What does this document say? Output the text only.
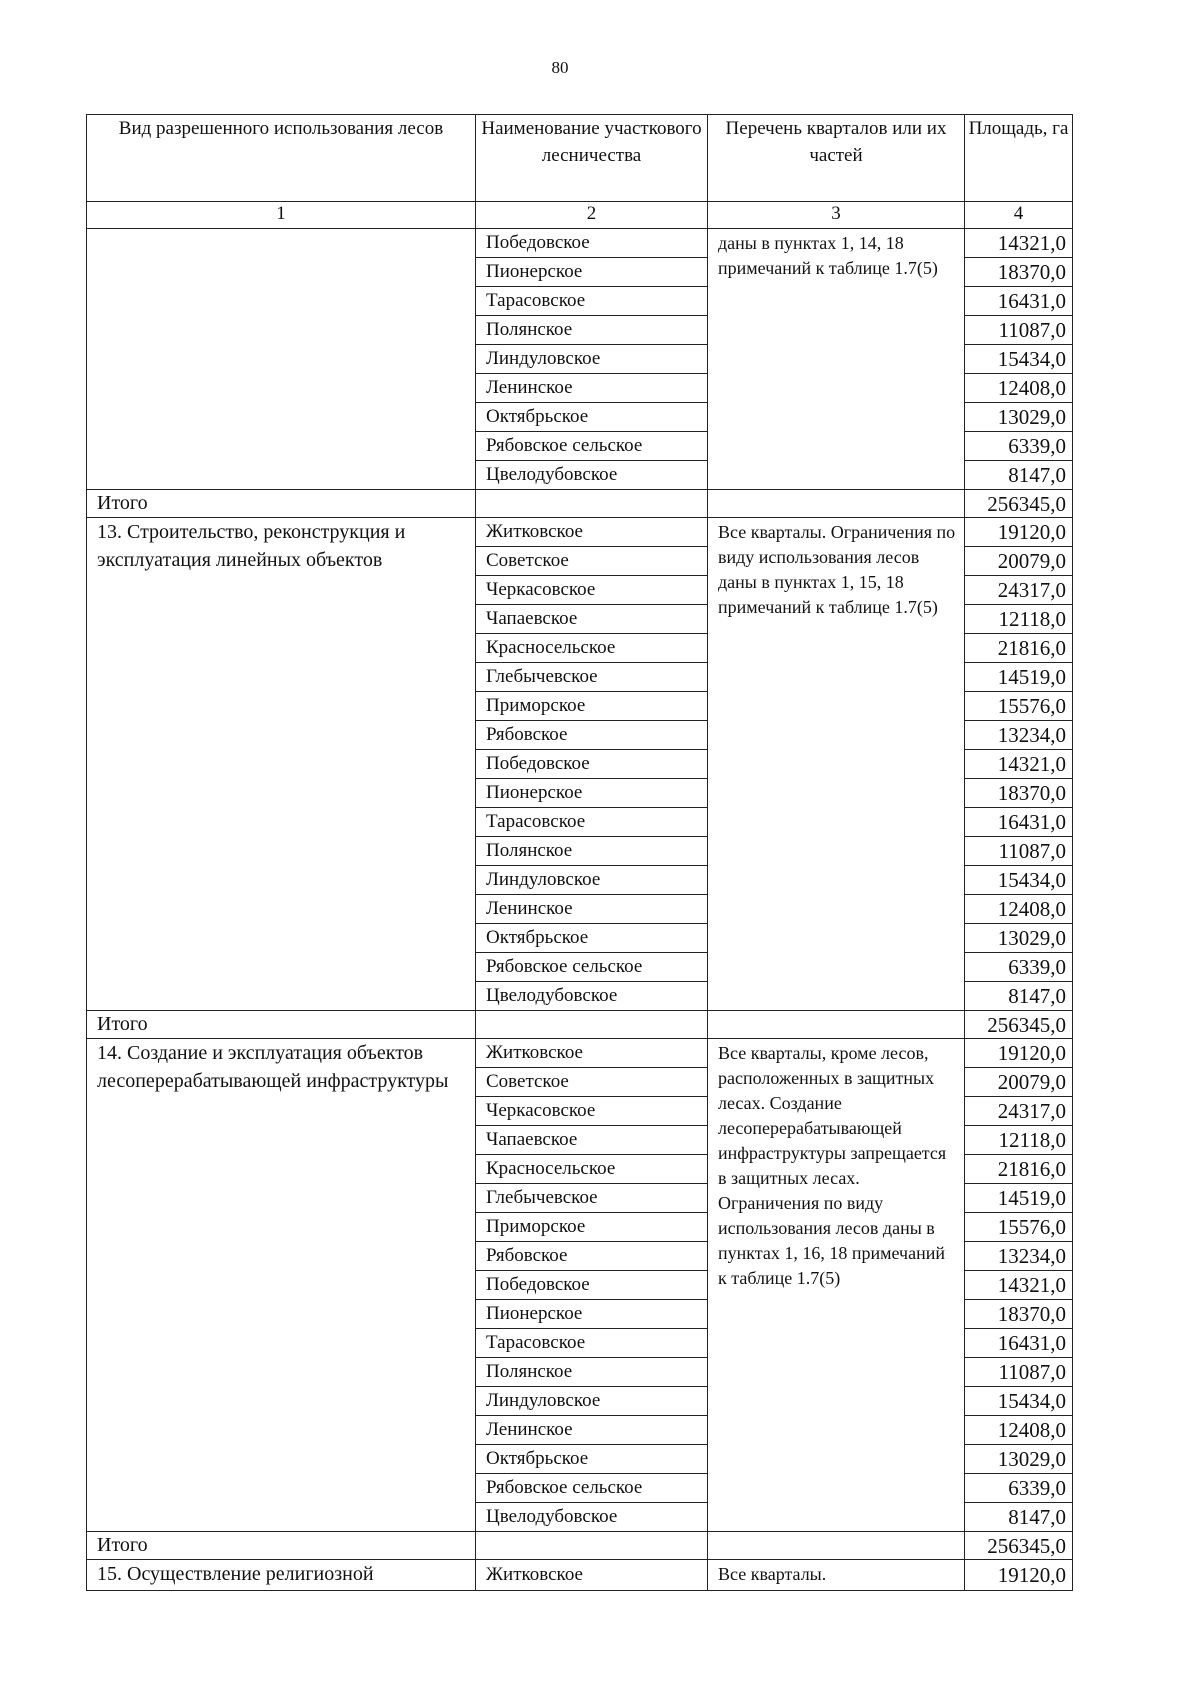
80
Вид разрешенного использования лесов	Наименование участкового лесничества	Перечень кварталов или их частей	Площадь, га
1	2	3	4
	Победовское	даны в пунктах 1, 14, 18 примечаний к таблице 1.7(5)	14321,0
	Пионерское		18370,0
	Тарасовское		16431,0
	Полянское		11087,0
	Линдуловское		15434,0
	Ленинское		12408,0
	Октябрьское		13029,0
	Рябовское сельское		6339,0
	Цвелодубовское		8147,0
Итого			256345,0
13. Строительство, реконструкция и эксплуатация линейных объектов	Житковское	Все кварталы. Ограничения по виду использования лесов даны в пунктах 1, 15, 18 примечаний к таблице 1.7(5)	19120,0
	Советское		20079,0
	Черкасовское		24317,0
	Чапаевское		12118,0
	Красносельское		21816,0
	Глебычевское		14519,0
	Приморское		15576,0
	Рябовское		13234,0
	Победовское		14321,0
	Пионерское		18370,0
	Тарасовское		16431,0
	Полянское		11087,0
	Линдуловское		15434,0
	Ленинское		12408,0
	Октябрьское		13029,0
	Рябовское сельское		6339,0
	Цвелодубовское		8147,0
Итого			256345,0
14. Создание и эксплуатация объектов лесоперерабатывающей инфраструктуры	Житковское	Все кварталы, кроме лесов, расположенных в защитных лесах. Создание лесоперерабатывающей инфраструктуры запрещается в защитных лесах. Ограничения по виду использования лесов даны в пунктах 1, 16, 18 примечаний к таблице 1.7(5)	19120,0
	Советское		20079,0
	Черкасовское		24317,0
	Чапаевское		12118,0
	Красносельское		21816,0
	Глебычевское		14519,0
	Приморское		15576,0
	Рябовское		13234,0
	Победовское		14321,0
	Пионерское		18370,0
	Тарасовское		16431,0
	Полянское		11087,0
	Линдуловское		15434,0
	Ленинское		12408,0
	Октябрьское		13029,0
	Рябовское сельское		6339,0
	Цвелодубовское		8147,0
Итого			256345,0
15. Осуществление религиозной	Житковское	Все кварталы.	19120,0
